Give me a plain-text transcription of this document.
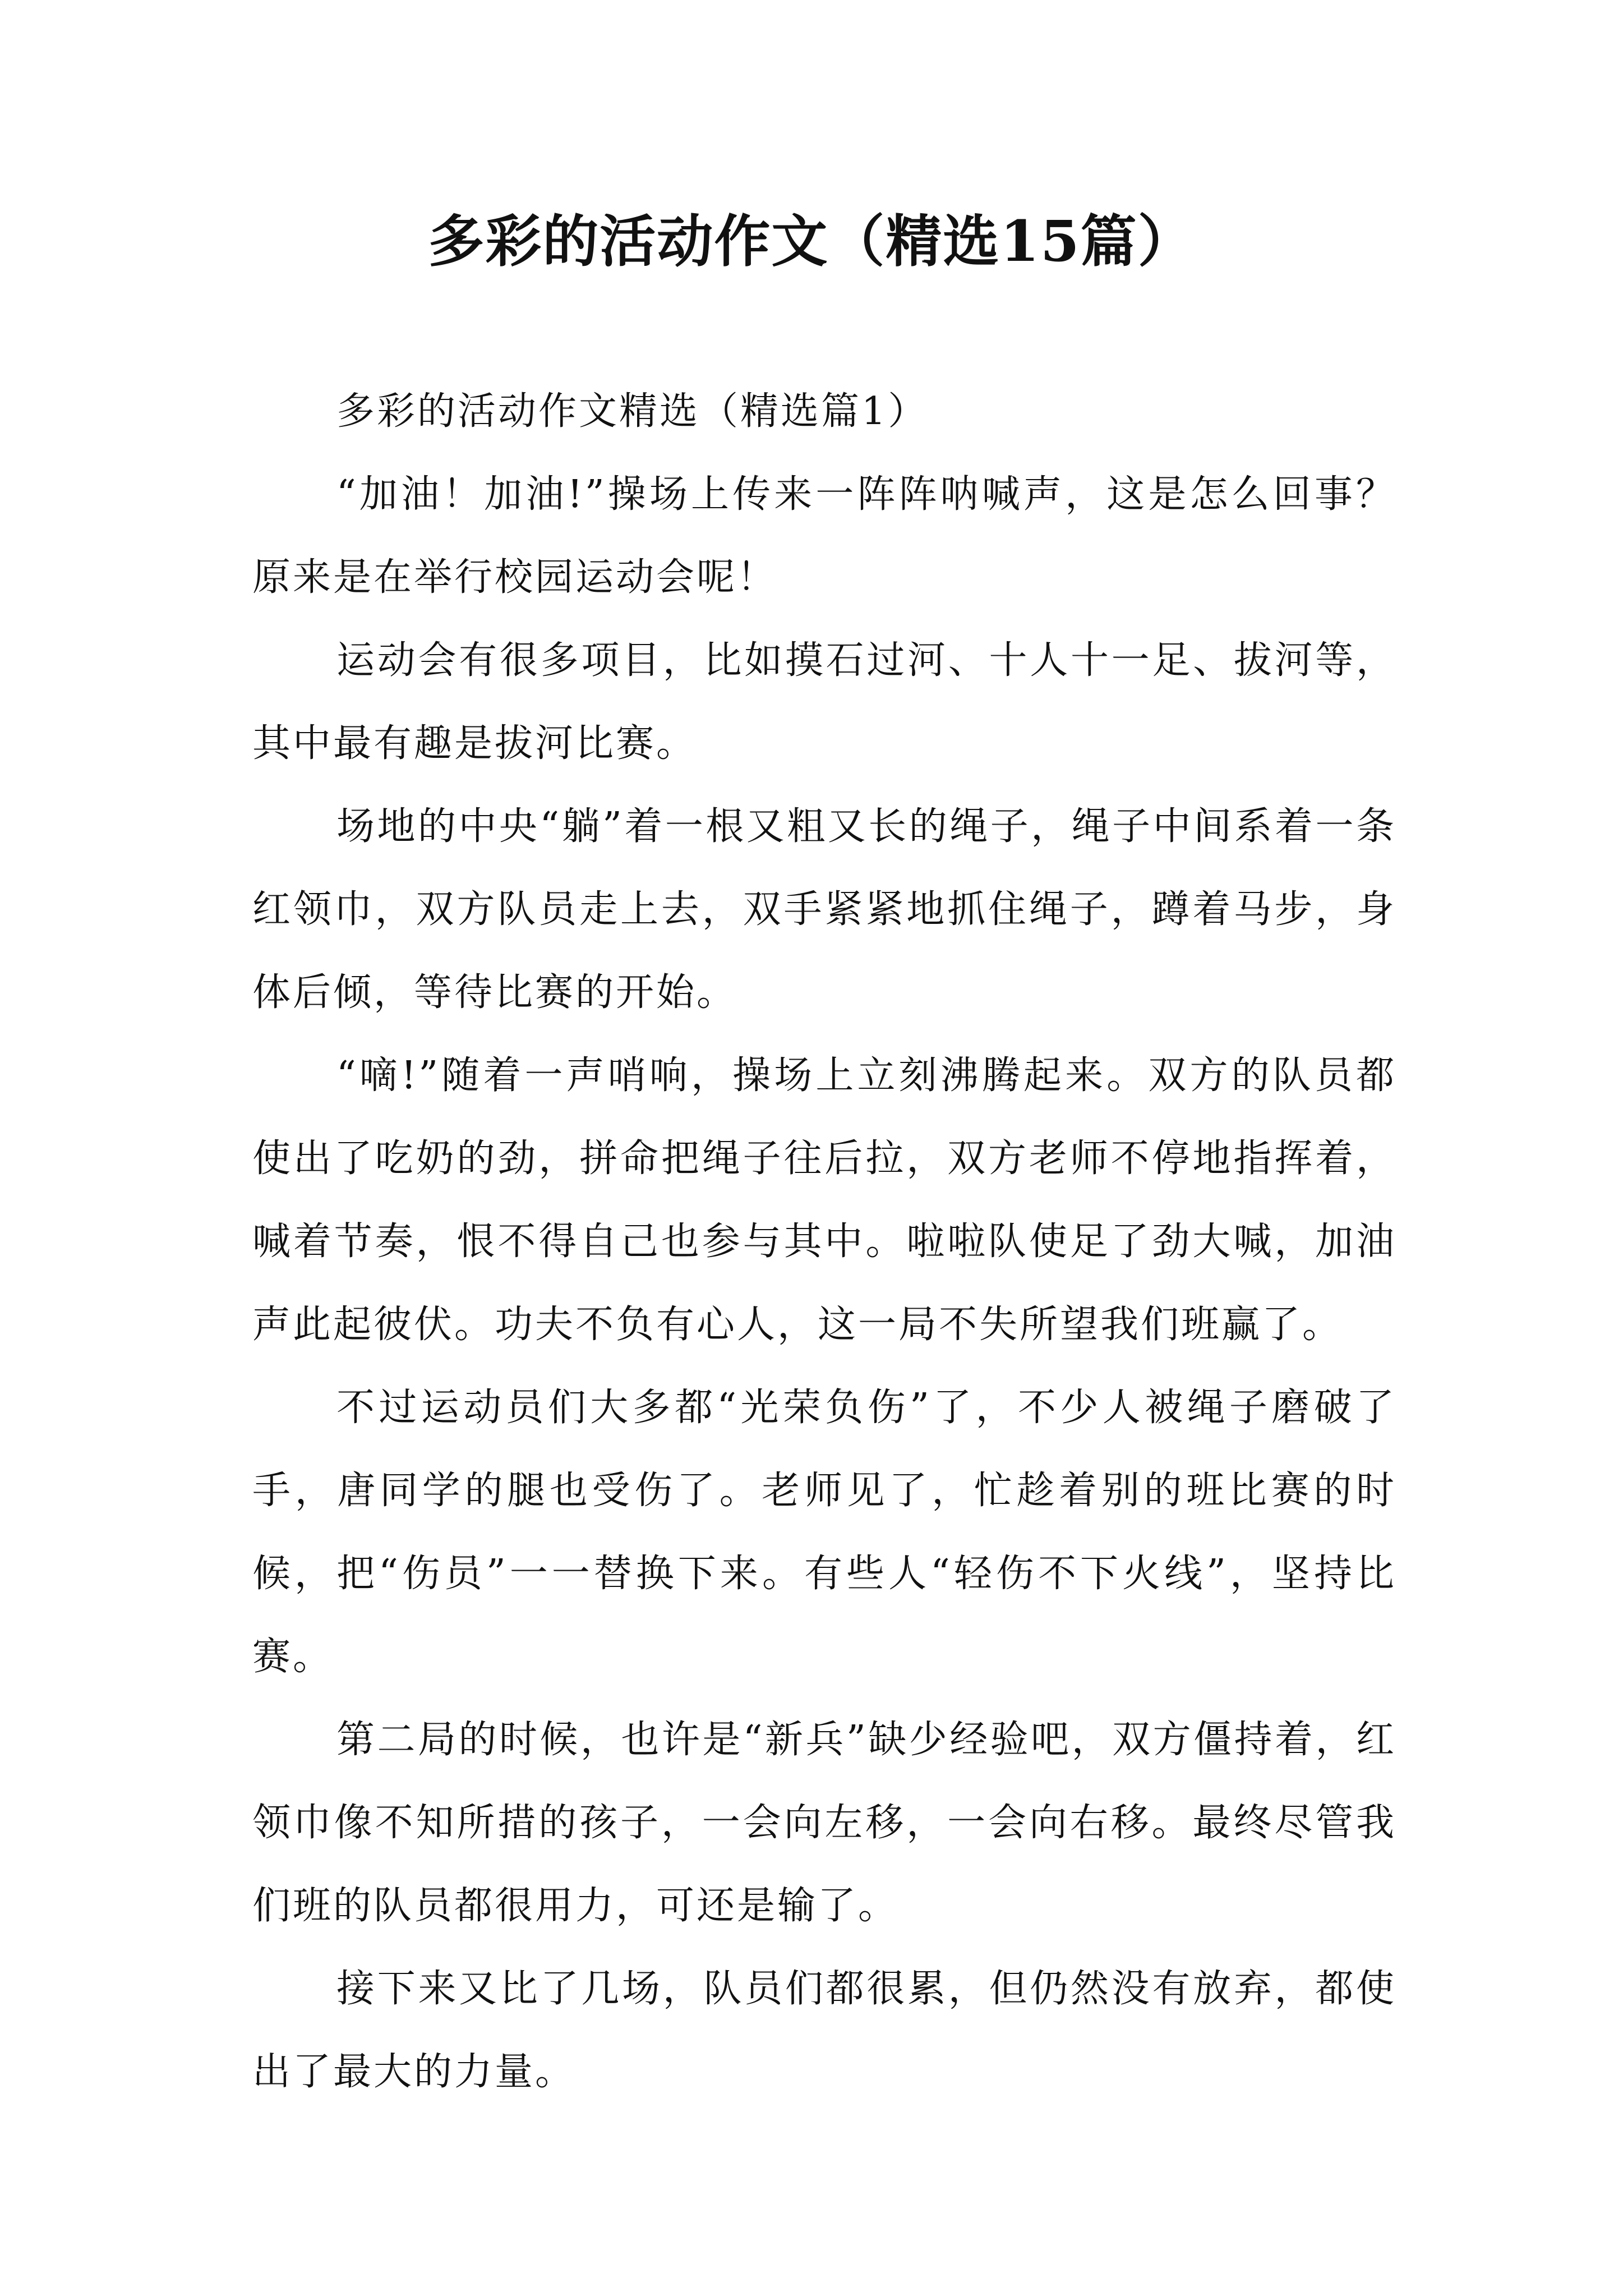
多彩的活动作文（精选15篇）

多彩的活动作文精选（精选篇1）

“加油！加油!”操场上传来一阵阵呐喊声，这是怎么回事？原来是在举行校园运动会呢！

运动会有很多项目，比如摸石过河、十人十一足、拔河等，其中最有趣是拔河比赛。

场地的中央“躺”着一根又粗又长的绳子，绳子中间系着一条红领巾，双方队员走上去，双手紧紧地抓住绳子，蹲着马步，身体后倾，等待比赛的开始。

“嘀!”随着一声哨响，操场上立刻沸腾起来。双方的队员都使出了吃奶的劲，拼命把绳子往后拉，双方老师不停地指挥着，喊着节奏，恨不得自己也参与其中。啦啦队使足了劲大喊，加油声此起彼伏。功夫不负有心人，这一局不失所望我们班赢了。

不过运动员们大多都“光荣负伤”了，不少人被绳子磨破了手，唐同学的腿也受伤了。老师见了，忙趁着别的班比赛的时候，把“伤员”一一替换下来。有些人“轻伤不下火线”，坚持比赛。

第二局的时候，也许是“新兵”缺少经验吧，双方僵持着，红领巾像不知所措的孩子，一会向左移，一会向右移。最终尽管我们班的队员都很用力，可还是输了。

接下来又比了几场，队员们都很累，但仍然没有放弃，都使出了最大的力量。
